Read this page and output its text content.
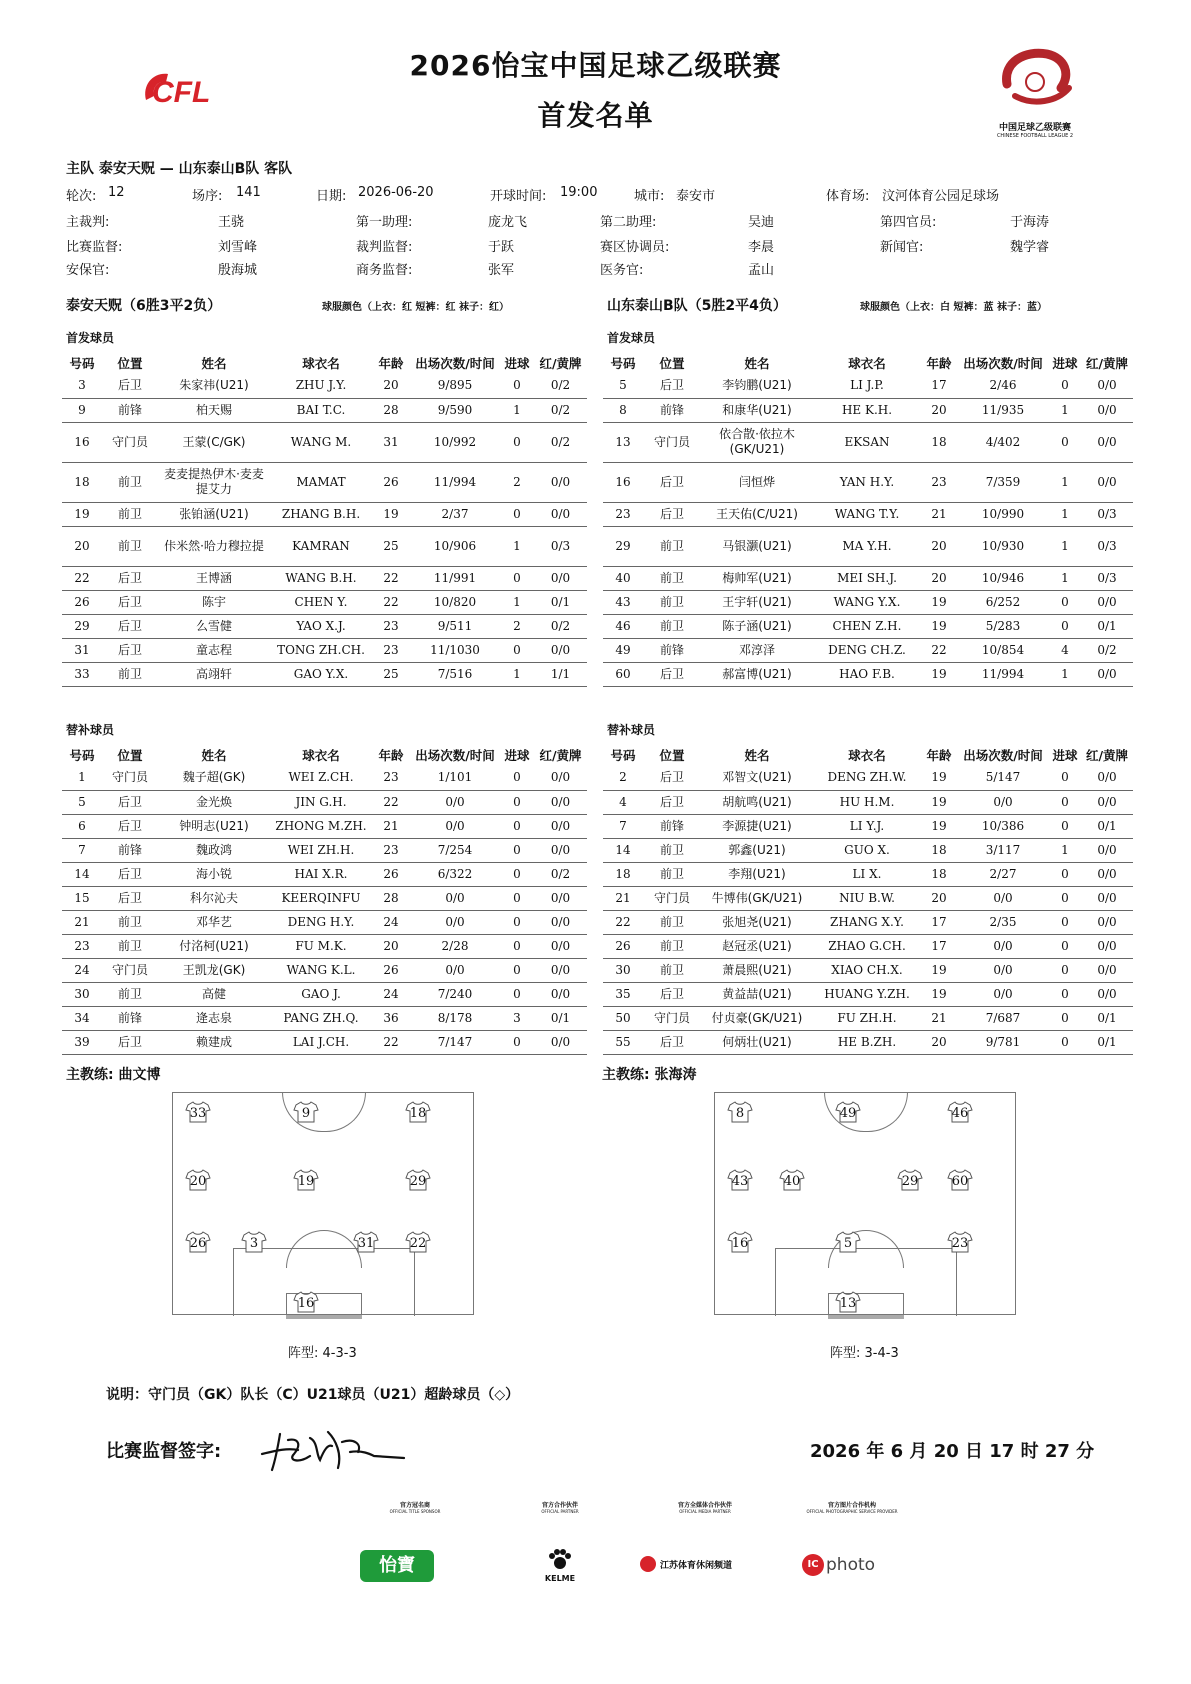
CFL
2026怡宝中国足球乙级联赛
首发名单	中国足球乙级联赛
CHINESE FOOTBALL LEAGUE 2
主队 泰安天贶 — 山东泰山B队 客队
轮次: 12	场序: 141	日期: 2026-06-20	开球时间: 19:00	城市: 泰安市	体育场: 汶河体育公园足球场
主裁判:	王骁	第一助理:	庞龙飞	第二助理:	吴迪	第四官员:	于海涛
比赛监督:	刘雪峰	裁判监督:	于跃	赛区协调员:	李晨	新闻官:	魏学睿
安保官:	殷海城	商务监督:	张军	医务官:	孟山
泰安天贶（6胜3平2负）	球服颜色（上衣：红 短裤：红 袜子：红）	山东泰山B队（5胜2平4负）	球服颜色（上衣：白 短裤：蓝 袜子：蓝）
首发球员	首发球员
号码	位置	姓名	球衣名	年龄	出场次数/时间	进球	红/黄牌
3	后卫	朱家祎(U21)	ZHU J.Y.	20	9/895	0	0/2
9	前锋	柏天赐	BAI T.C.	28	9/590	1	0/2
16	守门员	王蒙(C/GK)	WANG M.	31	10/992	0	0/2
18	前卫	麦麦提热伊木·麦麦提艾力	MAMAT	26	11/994	2	0/0
19	前卫	张铂涵(U21)	ZHANG B.H.	19	2/37	0	0/0
20	前卫	佧米然·哈力穆拉提	KAMRAN	25	10/906	1	0/3
22	后卫	王博涵	WANG B.H.	22	11/991	0	0/0
26	后卫	陈宇	CHEN Y.	22	10/820	1	0/1
29	后卫	么雪健	YAO X.J.	23	9/511	2	0/2
31	后卫	童志程	TONG ZH.CH.	23	11/1030	0	0/0
33	前卫	高翊轩	GAO Y.X.	25	7/516	1	1/1
号码	位置	姓名	球衣名	年龄	出场次数/时间	进球	红/黄牌
5	后卫	李钧鹏(U21)	LI J.P.	17	2/46	0	0/0
8	前锋	和康华(U21)	HE K.H.	20	11/935	1	0/0
13	守门员	依合散·依拉木(GK/U21)	EKSAN	18	4/402	0	0/0
16	后卫	闫恒烨	YAN H.Y.	23	7/359	1	0/0
23	后卫	王天佑(C/U21)	WANG T.Y.	21	10/990	1	0/3
29	前卫	马银灏(U21)	MA Y.H.	20	10/930	1	0/3
40	前卫	梅帅军(U21)	MEI SH.J.	20	10/946	1	0/3
43	前卫	王宇轩(U21)	WANG Y.X.	19	6/252	0	0/0
46	前卫	陈子涵(U21)	CHEN Z.H.	19	5/283	0	0/1
49	前锋	邓淳泽	DENG CH.Z.	22	10/854	4	0/2
60	后卫	郝富博(U21)	HAO F.B.	19	11/994	1	0/0
替补球员	替补球员
号码	位置	姓名	球衣名	年龄	出场次数/时间	进球	红/黄牌
1	守门员	魏子超(GK)	WEI Z.CH.	23	1/101	0	0/0
5	后卫	金光焕	JIN G.H.	22	0/0	0	0/0
6	后卫	钟明志(U21)	ZHONG M.ZH.	21	0/0	0	0/0
7	前锋	魏政鸿	WEI ZH.H.	23	7/254	0	0/0
14	后卫	海小锐	HAI X.R.	26	6/322	0	0/2
15	后卫	科尔沁夫	KEERQINFU	28	0/0	0	0/0
21	前卫	邓华艺	DENG H.Y.	24	0/0	0	0/0
23	前卫	付洺柯(U21)	FU M.K.	20	2/28	0	0/0
24	守门员	王凯龙(GK)	WANG K.L.	26	0/0	0	0/0
30	前卫	高健	GAO J.	24	7/240	0	0/0
34	前锋	逄志泉	PANG ZH.Q.	36	8/178	3	0/1
39	后卫	赖建成	LAI J.CH.	22	7/147	0	0/0
号码	位置	姓名	球衣名	年龄	出场次数/时间	进球	红/黄牌
2	后卫	邓智文(U21)	DENG ZH.W.	19	5/147	0	0/0
4	后卫	胡航鸣(U21)	HU H.M.	19	0/0	0	0/0
7	前锋	李源捷(U21)	LI Y.J.	19	10/386	0	0/1
14	前卫	郭鑫(U21)	GUO X.	18	3/117	1	0/0
18	前卫	李翔(U21)	LI X.	18	2/27	0	0/0
21	守门员	牛博伟(GK/U21)	NIU B.W.	20	0/0	0	0/0
22	前卫	张旭尧(U21)	ZHANG X.Y.	17	2/35	0	0/0
26	前卫	赵冠丞(U21)	ZHAO G.CH.	17	0/0	0	0/0
30	前卫	萧晨熙(U21)	XIAO CH.X.	19	0/0	0	0/0
35	后卫	黄益喆(U21)	HUANG Y.ZH.	19	0/0	0	0/0
50	守门员	付贞豪(GK/U21)	FU ZH.H.	21	7/687	0	0/1
55	后卫	何炳壮(U21)	HE B.ZH.	20	9/781	0	0/1
主教练: 曲文博	主教练: 张海涛
33	9	18
20	19	29
26	3	31	22
16
8	49	46
43	40	29	60
16	5	23
13
阵型: 4-3-3	阵型: 3-4-3
说明：守门员（GK）队长（C）U21球员（U21）超龄球员（◇）
比赛监督签字:	2026 年 6 月 20 日 17 时 27 分
官方冠名商
OFFICIAL TITLE SPONSOR
怡寶
官方合作伙伴
OFFICIAL PARTNER
KELME
官方全媒体合作伙伴
OFFICIAL MEDIA PARTNER
江苏体育休闲频道
官方图片合作机构
OFFICIAL PHOTOGRAPHIC SERVICE PROVIDER
IC photo
